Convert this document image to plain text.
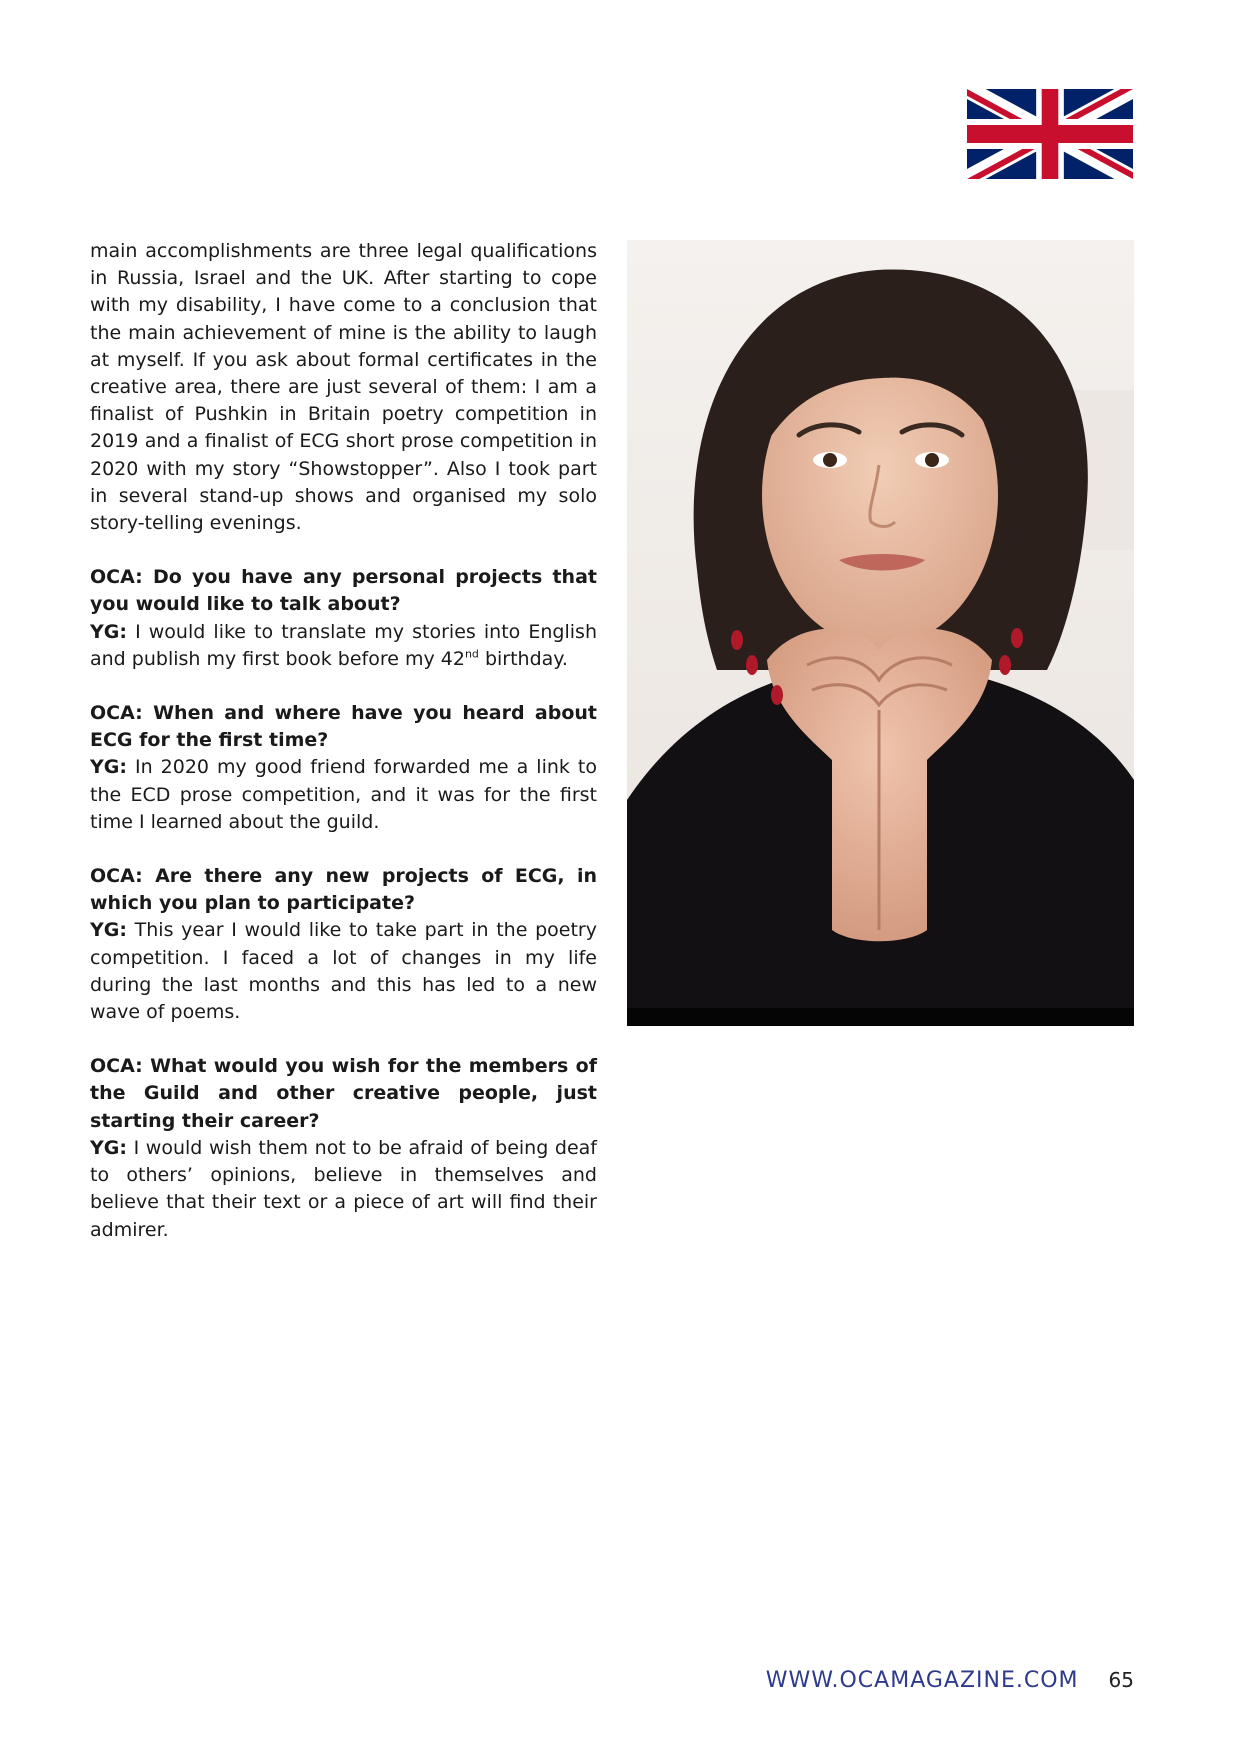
main accomplishments are three legal qualifications in Russia, Israel and the UK. After starting to cope with my disability, I have come to a conclusion that the main achievement of mine is the ability to laugh at myself. If you ask about formal certificates in the creative area, there are just several of them: I am a finalist of Pushkin in Britain poetry competition in 2019 and a finalist of ECG short prose competition in 2020 with my story “Showstopper”. Also I took part in several stand-up shows and organised my solo story-telling evenings.

OCA: Do you have any personal projects that you would like to talk about?

YG: I would like to translate my stories into English and publish my first book before my 42nd birthday.

OCA: When and where have you heard about ECG for the first time?

YG: In 2020 my good friend forwarded me a link to the ECD prose competition, and it was for the first time I learned about the guild.

OCA: Are there any new projects of ECG, in which you plan to participate?

YG: This year I would like to take part in the poetry competition. I faced a lot of changes in my life during the last months and this has led to a new wave of poems.

OCA: What would you wish for the members of the Guild and other creative people, just starting their career?

YG: I would wish them not to be afraid of being deaf to others’ opinions, believe in themselves and believe that their text or a piece of art will find their admirer.

WWW.OCAMAGAZINE.COM 65
